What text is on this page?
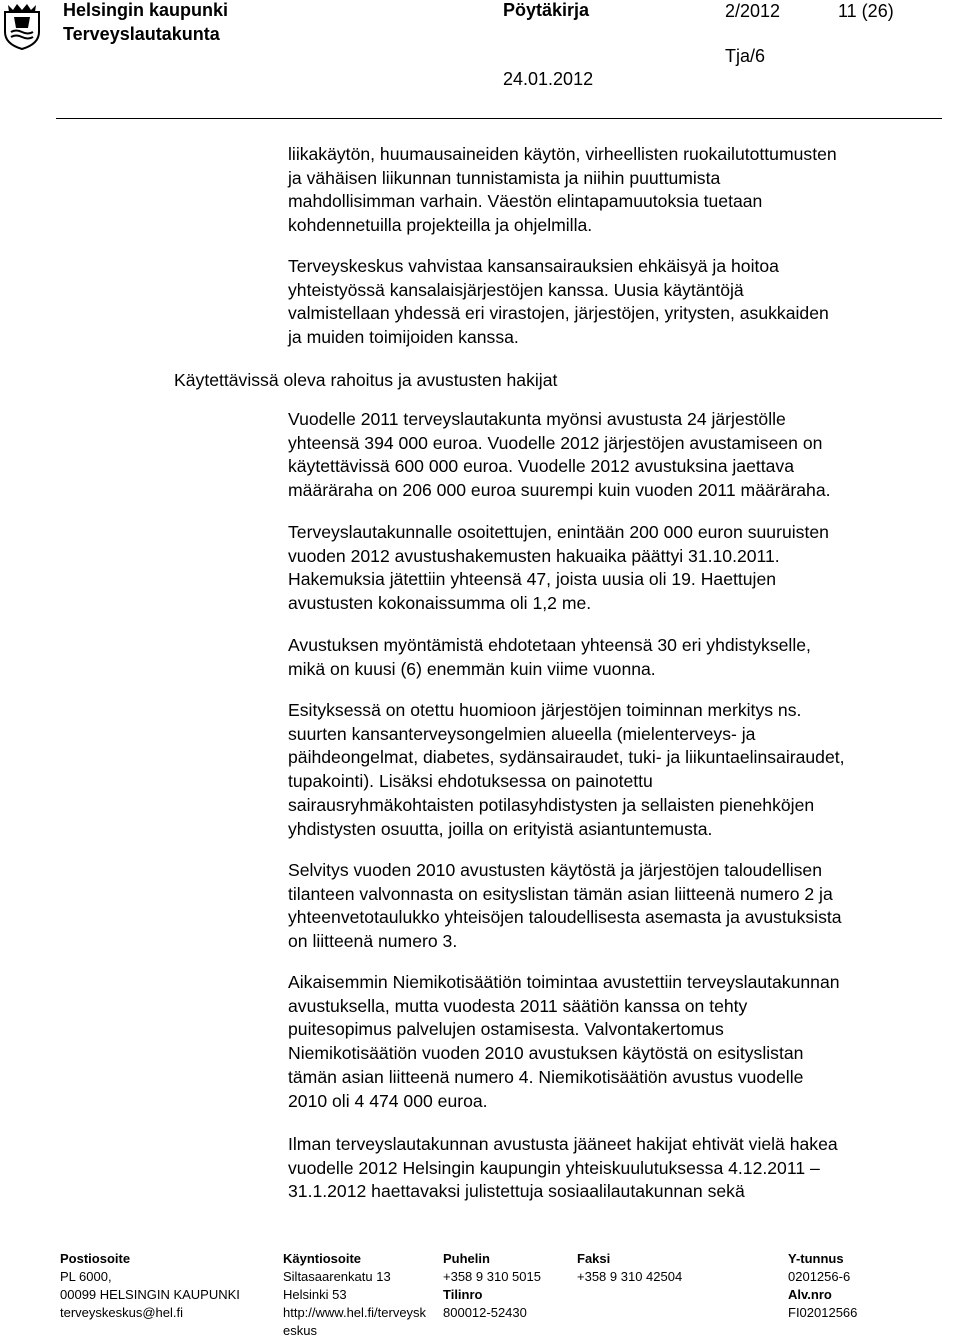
Helsingin kaupunki
Terveyslautakunta
Pöytäkirja	2/2012	11 (26)
Tja/6
24.01.2012

liikakäytön, huumausaineiden käytön, virheellisten ruokailutottumusten

ja vähäisen liikunnan tunnistamista ja niihin puuttumista

mahdollisimman varhain. Väestön elintapamuutoksia tuetaan

kohdennetuilla projekteilla ja ohjelmilla.

Terveyskeskus vahvistaa kansansairauksien ehkäisyä ja hoitoa

yhteistyössä kansalaisjärjestöjen kanssa. Uusia käytäntöjä

valmistellaan yhdessä eri virastojen, järjestöjen, yritysten, asukkaiden

ja muiden toimijoiden kanssa.

Käytettävissä oleva rahoitus ja avustusten hakijat

Vuodelle 2011 terveyslautakunta myönsi avustusta 24 järjestölle

yhteensä 394 000 euroa. Vuodelle 2012 järjestöjen avustamiseen on

käytettävissä 600 000 euroa. Vuodelle 2012 avustuksina jaettava

määräraha on 206 000 euroa suurempi kuin vuoden 2011 määräraha.

Terveyslautakunnalle osoitettujen, enintään 200 000 euron suuruisten

vuoden 2012 avustushakemusten hakuaika päättyi 31.10.2011.

Hakemuksia jätettiin yhteensä 47, joista uusia oli 19. Haettujen

avustusten kokonaissumma oli 1,2 me.

Avustuksen myöntämistä ehdotetaan yhteensä 30 eri yhdistykselle,

mikä on kuusi (6) enemmän kuin viime vuonna.

Esityksessä on otettu huomioon järjestöjen toiminnan merkitys ns.

suurten kansanterveysongelmien alueella (mielenterveys- ja

päihdeongelmat, diabetes, sydänsairaudet, tuki- ja liikuntaelinsairaudet,

tupakointi). Lisäksi ehdotuksessa on painotettu

sairausryhmäkohtaisten potilasyhdistysten ja sellaisten pienehköjen

yhdistysten osuutta, joilla on erityistä asiantuntemusta.

Selvitys vuoden 2010 avustusten käytöstä ja järjestöjen taloudellisen

tilanteen valvonnasta on esityslistan tämän asian liitteenä numero 2 ja

yhteenvetotaulukko yhteisöjen taloudellisesta asemasta ja avustuksista

on liitteenä numero 3.

Aikaisemmin Niemikotisäätiön toimintaa avustettiin terveyslautakunnan

avustuksella, mutta vuodesta 2011 säätiön kanssa on tehty

puitesopimus palvelujen ostamisesta. Valvontakertomus

Niemikotisäätiön vuoden 2010 avustuksen käytöstä on esityslistan

tämän asian liitteenä numero 4. Niemikotisäätiön avustus vuodelle

2010 oli 4 474 000 euroa.

Ilman terveyslautakunnan avustusta jääneet hakijat ehtivät vielä hakea

vuodelle 2012 Helsingin kaupungin yhteiskuulutuksessa 4.12.2011 –

31.1.2012 haettavaksi julistettuja sosiaalilautakunnan sekä

Postiosoite
PL 6000,
00099 HELSINGIN KAUPUNKI
terveyskeskus@hel.fi
Käyntiosoite
Siltasaarenkatu 13
Helsinki 53
http://www.hel.fi/terveysk
eskus
Puhelin
+358 9 310 5015
Tilinro
800012-52430
Faksi
+358 9 310 42504
Y-tunnus
0201256-6
Alv.nro
FI02012566
